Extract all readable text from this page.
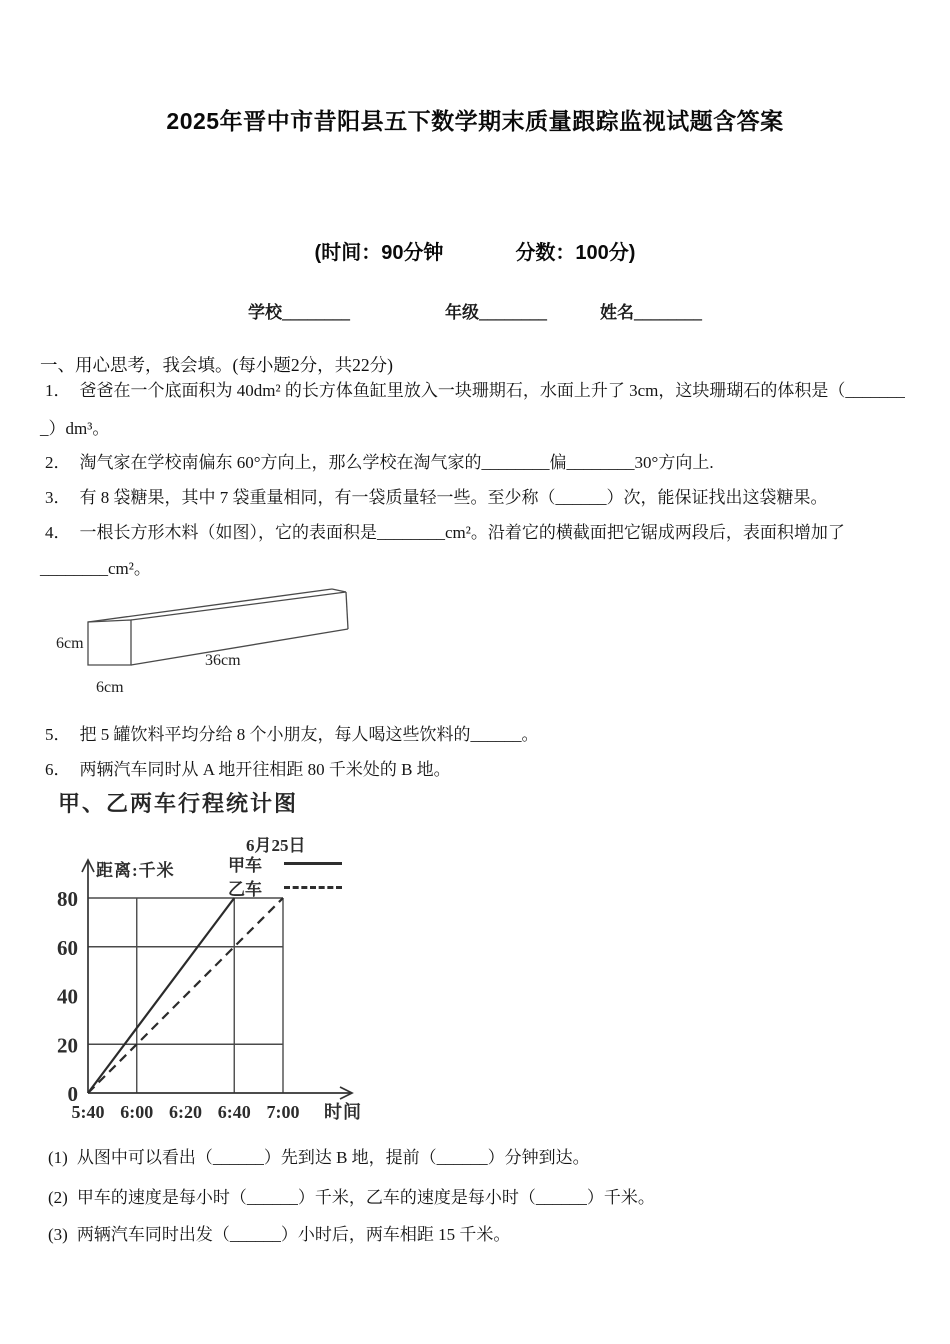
2025年晋中市昔阳县五下数学期末质量跟踪监视试题含答案
(时间：90分钟	分数：100分)
学校________	年级________	姓名________
一、用心思考，我会填。(每小题2分，共22分)
1． 爸爸在一个底面积为 40dm² 的长方体鱼缸里放入一块珊期石，水面上升了 3cm，这块珊瑚石的体积是（_______
_）dm³。
2． 淘气家在学校南偏东 60°方向上，那么学校在淘气家的________偏________30°方向上.
3． 有 8 袋糖果，其中 7 袋重量相同，有一袋质量轻一些。至少称（______）次，能保证找出这袋糖果。
4． 一根长方形木料（如图），它的表面积是________cm²。沿着它的横截面把它锯成两段后，表面积增加了
________cm²。
6cm
6cm
36cm
5． 把 5 罐饮料平均分给 8 个小朋友，每人喝这些饮料的______。
6． 两辆汽车同时从 A 地开往相距 80 千米处的 B 地。
甲、乙两车行程统计图
6月25日
甲车
乙车
距离:千米
80
60
40
20
0
5:40 6:00 6:20 6:40 7:00 时间
(1) 从图中可以看出（______）先到达 B 地，提前（______）分钟到达。
(2) 甲车的速度是每小时（______）千米，乙车的速度是每小时（______）千米。
(3) 两辆汽车同时出发（______）小时后，两车相距 15 千米。
